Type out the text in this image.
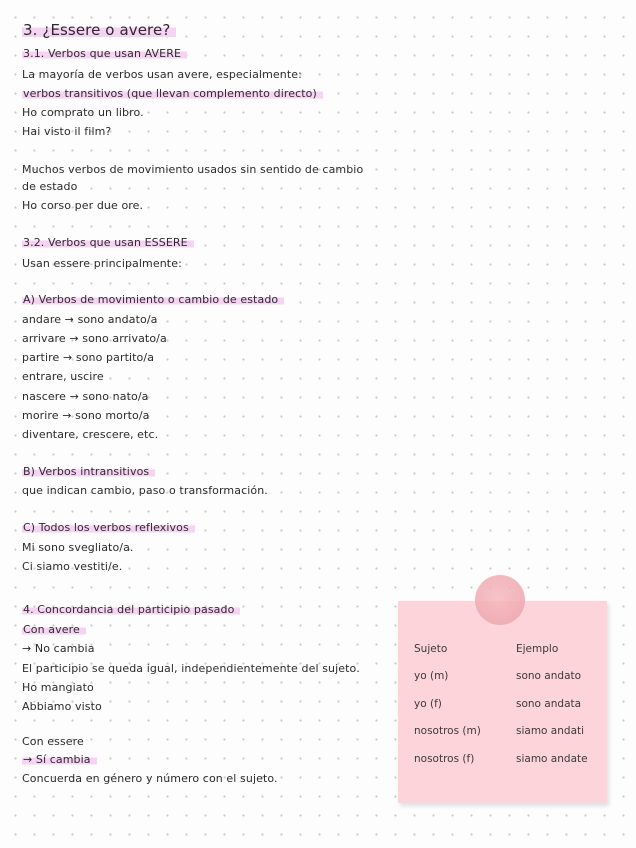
3. ¿Essere o avere?
3.1. Verbos que usan AVERE
La mayoría de verbos usan avere, especialmente:
verbos transitivos (que llevan complemento directo)
Ho comprato un libro.
Hai visto il film?
Muchos verbos de movimiento usados sin sentido de cambio
de estado
Ho corso per due ore.
3.2. Verbos que usan ESSERE
Usan essere principalmente:
A) Verbos de movimiento o cambio de estado
andare → sono andato/a
arrivare → sono arrivato/a
partire → sono partito/a
entrare, uscire
nascere → sono nato/a
morire → sono morto/a
diventare, crescere, etc.
B) Verbos intransitivos
que indican cambio, paso o transformación.
C) Todos los verbos reflexivos
Mi sono svegliato/a.
Ci siamo vestiti/e.
4. Concordancia del participio pasado
Con avere
→ No cambia
El participio se queda igual, independientemente del sujeto.
Ho mangiato
Abbiamo visto
Con essere
→ Sí cambia
Concuerda en género y número con el sujeto.
Sujeto	Ejemplo
yo (m)	sono andato
yo (f)	sono andata
nosotros (m)	siamo andati
nosotros (f)	siamo andate
